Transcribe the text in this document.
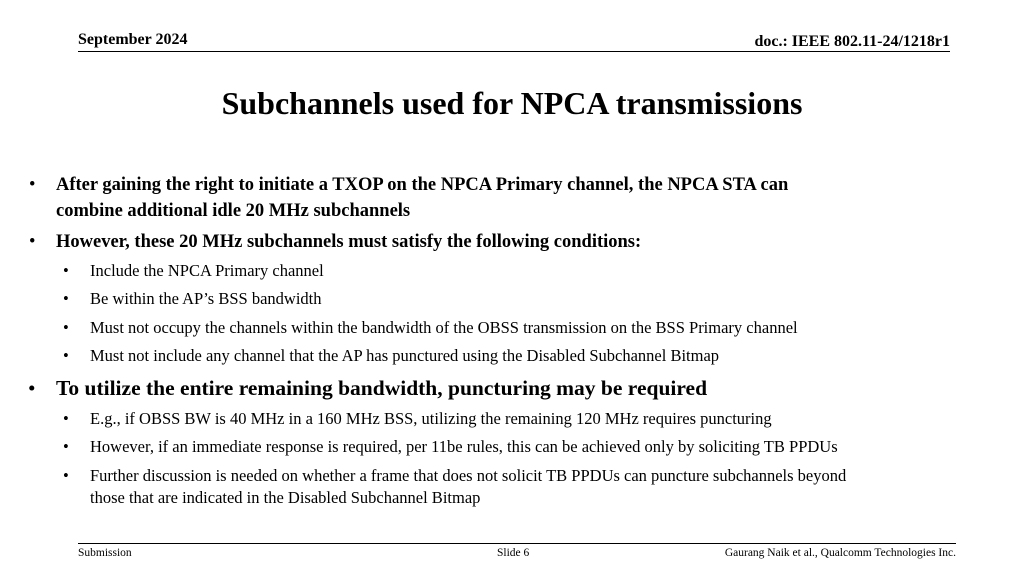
September 2024	doc.: IEEE 802.11-24/1218r1
Subchannels used for NPCA transmissions
• After gaining the right to initiate a TXOP on the NPCA Primary channel, the NPCA STA can
combine additional idle 20 MHz subchannels
• However, these 20 MHz subchannels must satisfy the following conditions:
• Include the NPCA Primary channel
• Be within the AP’s BSS bandwidth
• Must not occupy the channels within the bandwidth of the OBSS transmission on the BSS Primary channel
• Must not include any channel that the AP has punctured using the Disabled Subchannel Bitmap
• To utilize the entire remaining bandwidth, puncturing may be required
• E.g., if OBSS BW is 40 MHz in a 160 MHz BSS, utilizing the remaining 120 MHz requires puncturing
• However, if an immediate response is required, per 11be rules, this can be achieved only by soliciting TB PPDUs
• Further discussion is needed on whether a frame that does not solicit TB PPDUs can puncture subchannels beyond
those that are indicated in the Disabled Subchannel Bitmap
Submission	Slide 6	Gaurang Naik et al., Qualcomm Technologies Inc.
